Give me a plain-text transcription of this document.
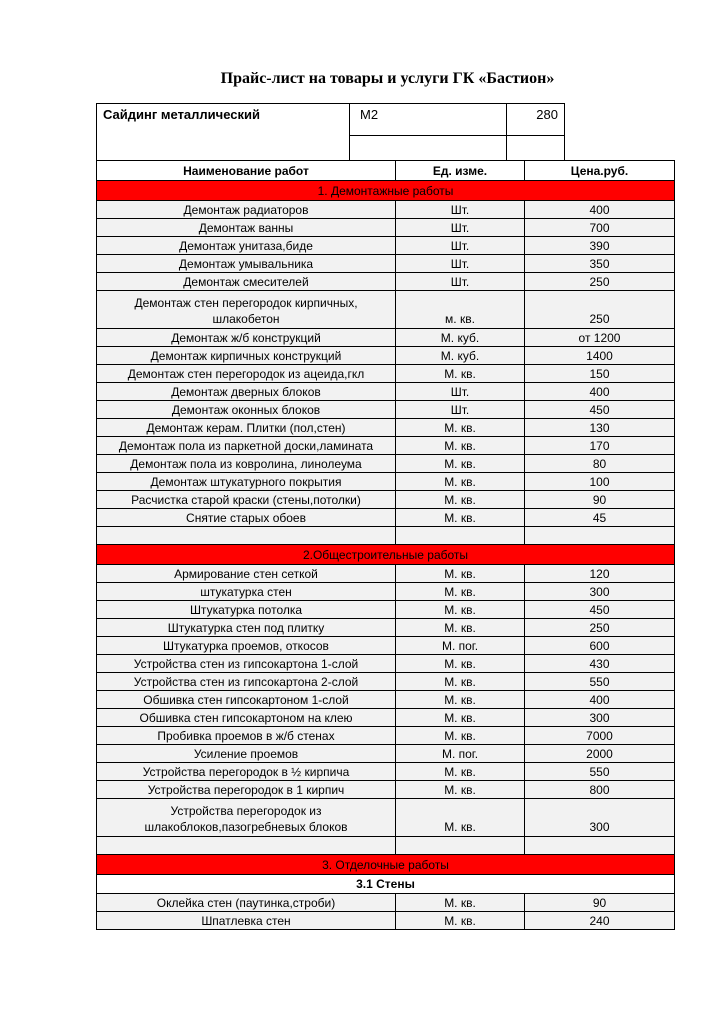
Прайс-лист на товары и услуги ГК «Бастион»
Сайдинг металлический	М2	280

Наименование работ	Ед. изме.	Цена.руб.
1. Демонтажные работы		
Демонтаж радиаторов	Шт.	400
Демонтаж ванны	Шт.	700
Демонтаж унитаза,биде	Шт.	390
Демонтаж умывальника	Шт.	350
Демонтаж смесителей	Шт.	250

Демонтаж стен перегородок кирпичных,
шлакобетон	м. кв.	250
Демонтаж ж/б конструкций	М. куб.	от 1200
Демонтаж кирпичных конструкций	М. куб.	1400
Демонтаж стен перегородок из ацеида,гкл	М. кв.	150
Демонтаж дверных блоков	Шт.	400
Демонтаж оконных блоков	Шт.	450
Демонтаж керам. Плитки (пол,стен)	М. кв.	130
Демонтаж пола из паркетной доски,ламината	М. кв.	170
Демонтаж пола из ковролина, линолеума	М. кв.	80
Демонтаж штукатурного покрытия	М. кв.	100
Расчистка старой краски (стены,потолки)	М. кв.	90
Снятие старых обоев	М. кв.	45

2.Общестроительные работы		
Армирование стен сеткой	М. кв.	120
штукатурка стен	М. кв.	300
Штукатурка потолка	М. кв.	450
Штукатурка стен под плитку	М. кв.	250
Штукатурка проемов, откосов	М. пог.	600
Устройства стен из гипсокартона 1-слой	М. кв.	430
Устройства стен из гипсокартона 2-слой	М. кв.	550
Обшивка стен гипсокартоном 1-слой	М. кв.	400
Обшивка стен гипсокартоном на клею	М. кв.	300
Пробивка проемов в ж/б стенах	М. кв.	7000
Усиление проемов	М. пог.	2000
Устройства перегородок в ½ кирпича	М. кв.	550
Устройства перегородок в 1 кирпич	М. кв.	800

Устройства перегородок из
шлакоблоков,пазогребневых блоков	М. кв.	300

3. Отделочные работы		
3.1 Стены		
Оклейка стен (паутинка,строби)	М. кв.	90
Шпатлевка стен	М. кв.	240
